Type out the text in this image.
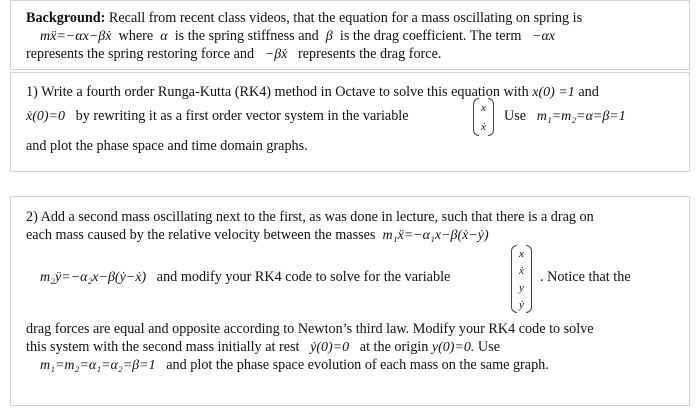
Background: Recall from recent class videos, that the equation for a mass oscillating on spring is
mẍ=−αx−βẋ where α is the spring stiffness and β is the drag coefficient. The term −αx
represents the spring restoring force and −βẋ represents the drag force.
1) Write a fourth order Runga-Kutta (RK4) method in Octave to solve this equation with x(0) =1 and
ẋ(0)=0 by rewriting it as a first order vector system in the variable
x
ẋ
Use m₁=m₂=α=β=1
and plot the phase space and time domain graphs.
2) Add a second mass oscillating next to the first, as was done in lecture, such that there is a drag on
each mass caused by the relative velocity between the masses m₁ẍ=−α₁x−β(ẋ−ẏ)
m₂ÿ=−α₂x−β(ẏ−ẋ) and modify your RK4 code to solve for the variable
x
ẋ
y
ẏ
. Notice that the
drag forces are equal and opposite according to Newton’s third law. Modify your RK4 code to solve
this system with the second mass initially at rest ẏ(0)=0 at the origin y(0)=0. Use
m₁=m₂=α₁=α₂=β=1 and plot the phase space evolution of each mass on the same graph.
